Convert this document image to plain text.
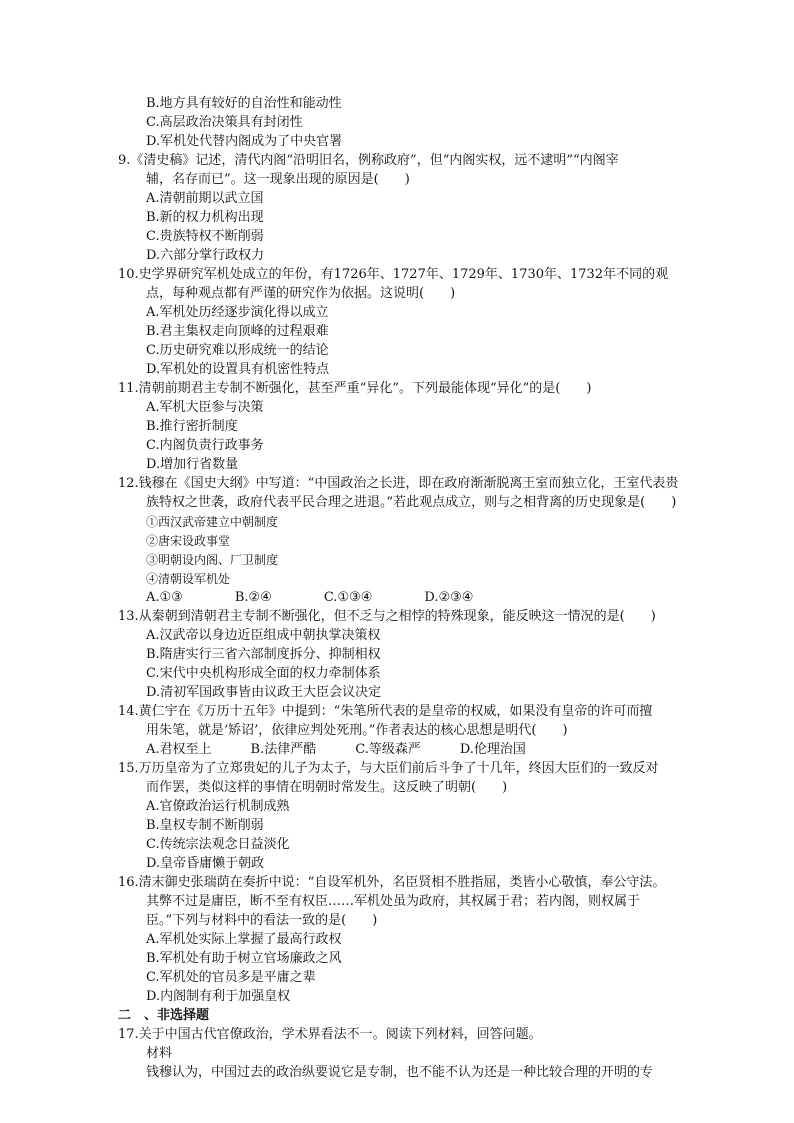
B.地方具有较好的自治性和能动性
C.高层政治决策具有封闭性
D.军机处代替内阁成为了中央官署
9.《清史稿》记述，清代内阁“沿明旧名，例称政府”，但“内阁实权，远不逮明”“内阁宰
辅，名存而已”。这一现象出现的原因是(　　)
A.清朝前期以武立国
B.新的权力机构出现
C.贵族特权不断削弱
D.六部分掌行政权力
10.史学界研究军机处成立的年份，有1726年、1727年、1729年、1730年、1732年不同的观
点，每种观点都有严谨的研究作为依据。这说明(　　)
A.军机处历经逐步演化得以成立
B.君主集权走向顶峰的过程艰难
C.历史研究难以形成统一的结论
D.军机处的设置具有机密性特点
11.清朝前期君主专制不断强化，甚至严重“异化”。下列最能体现“异化”的是(　　)
A.军机大臣参与决策
B.推行密折制度
C.内阁负责行政事务
D.增加行省数量
12.钱穆在《国史大纲》中写道：“中国政治之长进，即在政府渐渐脱离王室而独立化，王室代表贵
族特权之世袭，政府代表平民合理之进退。”若此观点成立，则与之相背离的历史现象是(　　)
①西汉武帝建立中朝制度
②唐宋设政事堂
③明朝设内阁、厂卫制度
④清朝设军机处
A.①③　　　　B.②④　　　　C.①③④　　　　D.②③④
13.从秦朝到清朝君主专制不断强化，但不乏与之相悖的特殊现象，能反映这一情况的是(　　)
A.汉武帝以身边近臣组成中朝执掌决策权
B.隋唐实行三省六部制度拆分、抑制相权
C.宋代中央机构形成全面的权力牵制体系
D.清初军国政事皆由议政王大臣会议决定
14.黄仁宇在《万历十五年》中提到：“朱笔所代表的是皇帝的权威，如果没有皇帝的许可而擅
用朱笔，就是‘矫诏’，依律应判处死刑。”作者表达的核心思想是明代(　　)
A.君权至上　　　B.法律严酷　　　C.等级森严　　　D.伦理治国
15.万历皇帝为了立郑贵妃的儿子为太子，与大臣们前后斗争了十几年，终因大臣们的一致反对
而作罢，类似这样的事情在明朝时常发生。这反映了明朝(　　)
A.官僚政治运行机制成熟
B.皇权专制不断削弱
C.传统宗法观念日益淡化
D.皇帝昏庸懒于朝政
16.清末御史张瑞荫在奏折中说：“自设军机外，名臣贤相不胜指屈，类皆小心敬慎，奉公守法。
其弊不过是庸臣，断不至有权臣……军机处虽为政府，其权属于君；若内阁，则权属于
臣。”下列与材料中的看法一致的是(　　)
A.军机处实际上掌握了最高行政权
B.军机处有助于树立官场廉政之风
C.军机处的官员多是平庸之辈
D.内阁制有利于加强皇权
二　、非选择题
17.关于中国古代官僚政治，学术界看法不一。阅读下列材料，回答问题。
材料
钱穆认为，中国过去的政治纵要说它是专制，也不能不认为还是一种比较合理的开明的专
